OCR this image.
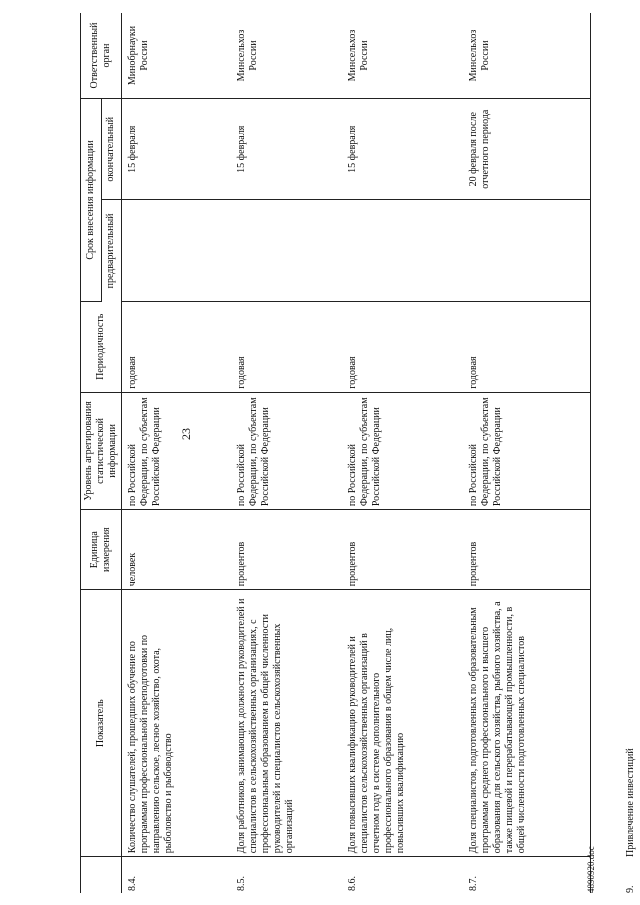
23
	Показатель	Единица измерения	Уровень агрегирования статистической информации	Периодичность	Срок внесения информации		Ответственный орган
					предварительный	окончательный	
8.4.	Количество слушателей, прошедших обучение по программам профессиональной переподготовки по направлению сельское, лесное хозяйство, охота, рыболовство и рыбоводство	человек	по Российской Федерации, по субъектам Российской Федерации	годовая		15 февраля	Минобрнауки России
8.5.	Доля работников, занимающих должности руководителей и специалистов в сельскохозяйственных организациях, с профессиональным образованием в общей численности руководителей и специалистов сельскохозяйственных организаций	процентов	по Российской Федерации, по субъектам Российской Федерации	годовая		15 февраля	Минсельхоз России
8.6.	Доля повысивших квалификацию руководителей и специалистов сельскохозяйственных организаций в отчетном году в системе дополнительного профессионального образования в общем числе лиц, повысивших квалификацию	процентов	по Российской Федерации, по субъектам Российской Федерации	годовая		15 февраля	Минсельхоз России
8.7.	Доля специалистов, подготовленных по образовательным программам среднего профессионального и высшего образования для сельского хозяйства, рыбного хозяйства, а также пищевой и перерабатывающей промышленности, в общей численности подготовленных специалистов	процентов	по Российской Федерации, по субъектам Российской Федерации	годовая		20 февраля после отчетного периода	Минсельхоз России
9.Привлечение инвестиций
4890920.doc
